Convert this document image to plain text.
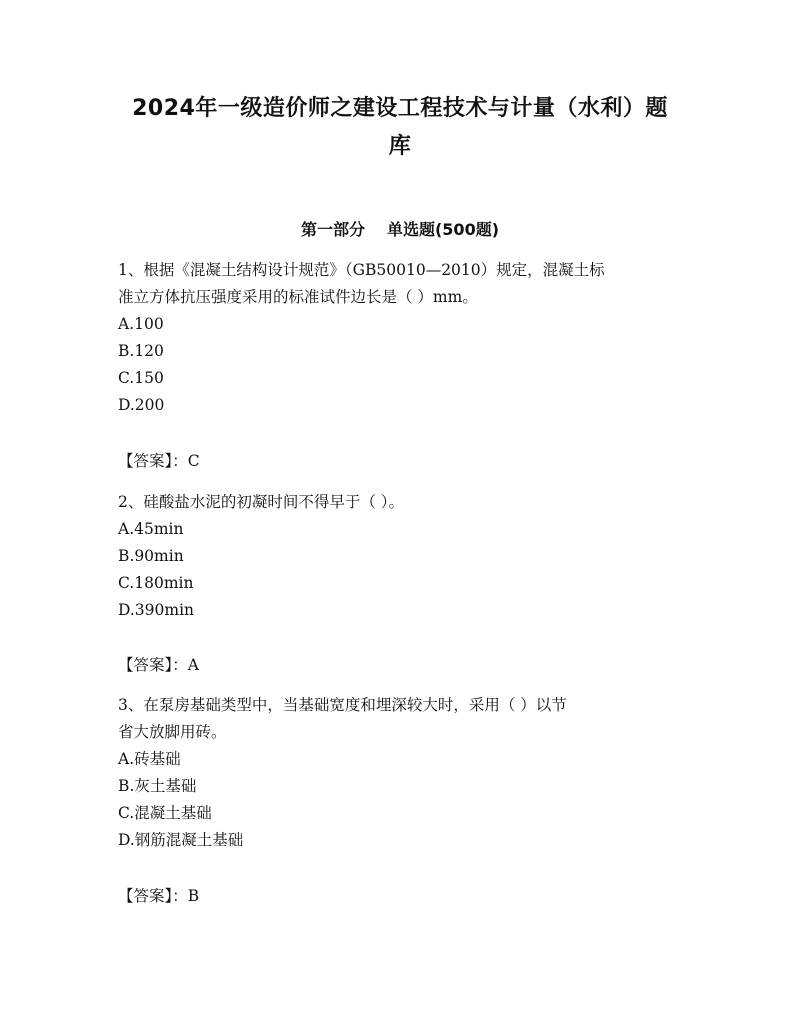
2024年一级造价师之建设工程技术与计量（水利）题
库
第一部分 单选题(500题)

1、根据《混凝土结构设计规范》（GB50010—2010）规定，混凝土标

准立方体抗压强度采用的标准试件边长是（ ）mm。

A.100

B.120

C.150

D.200

【答案】：C

2、硅酸盐水泥的初凝时间不得早于（ ）。

A.45min

B.90min

C.180min

D.390min

【答案】：A

3、在泵房基础类型中，当基础宽度和埋深较大时，采用（ ）以节

省大放脚用砖。

A.砖基础

B.灰土基础

C.混凝土基础

D.钢筋混凝土基础

【答案】：B
